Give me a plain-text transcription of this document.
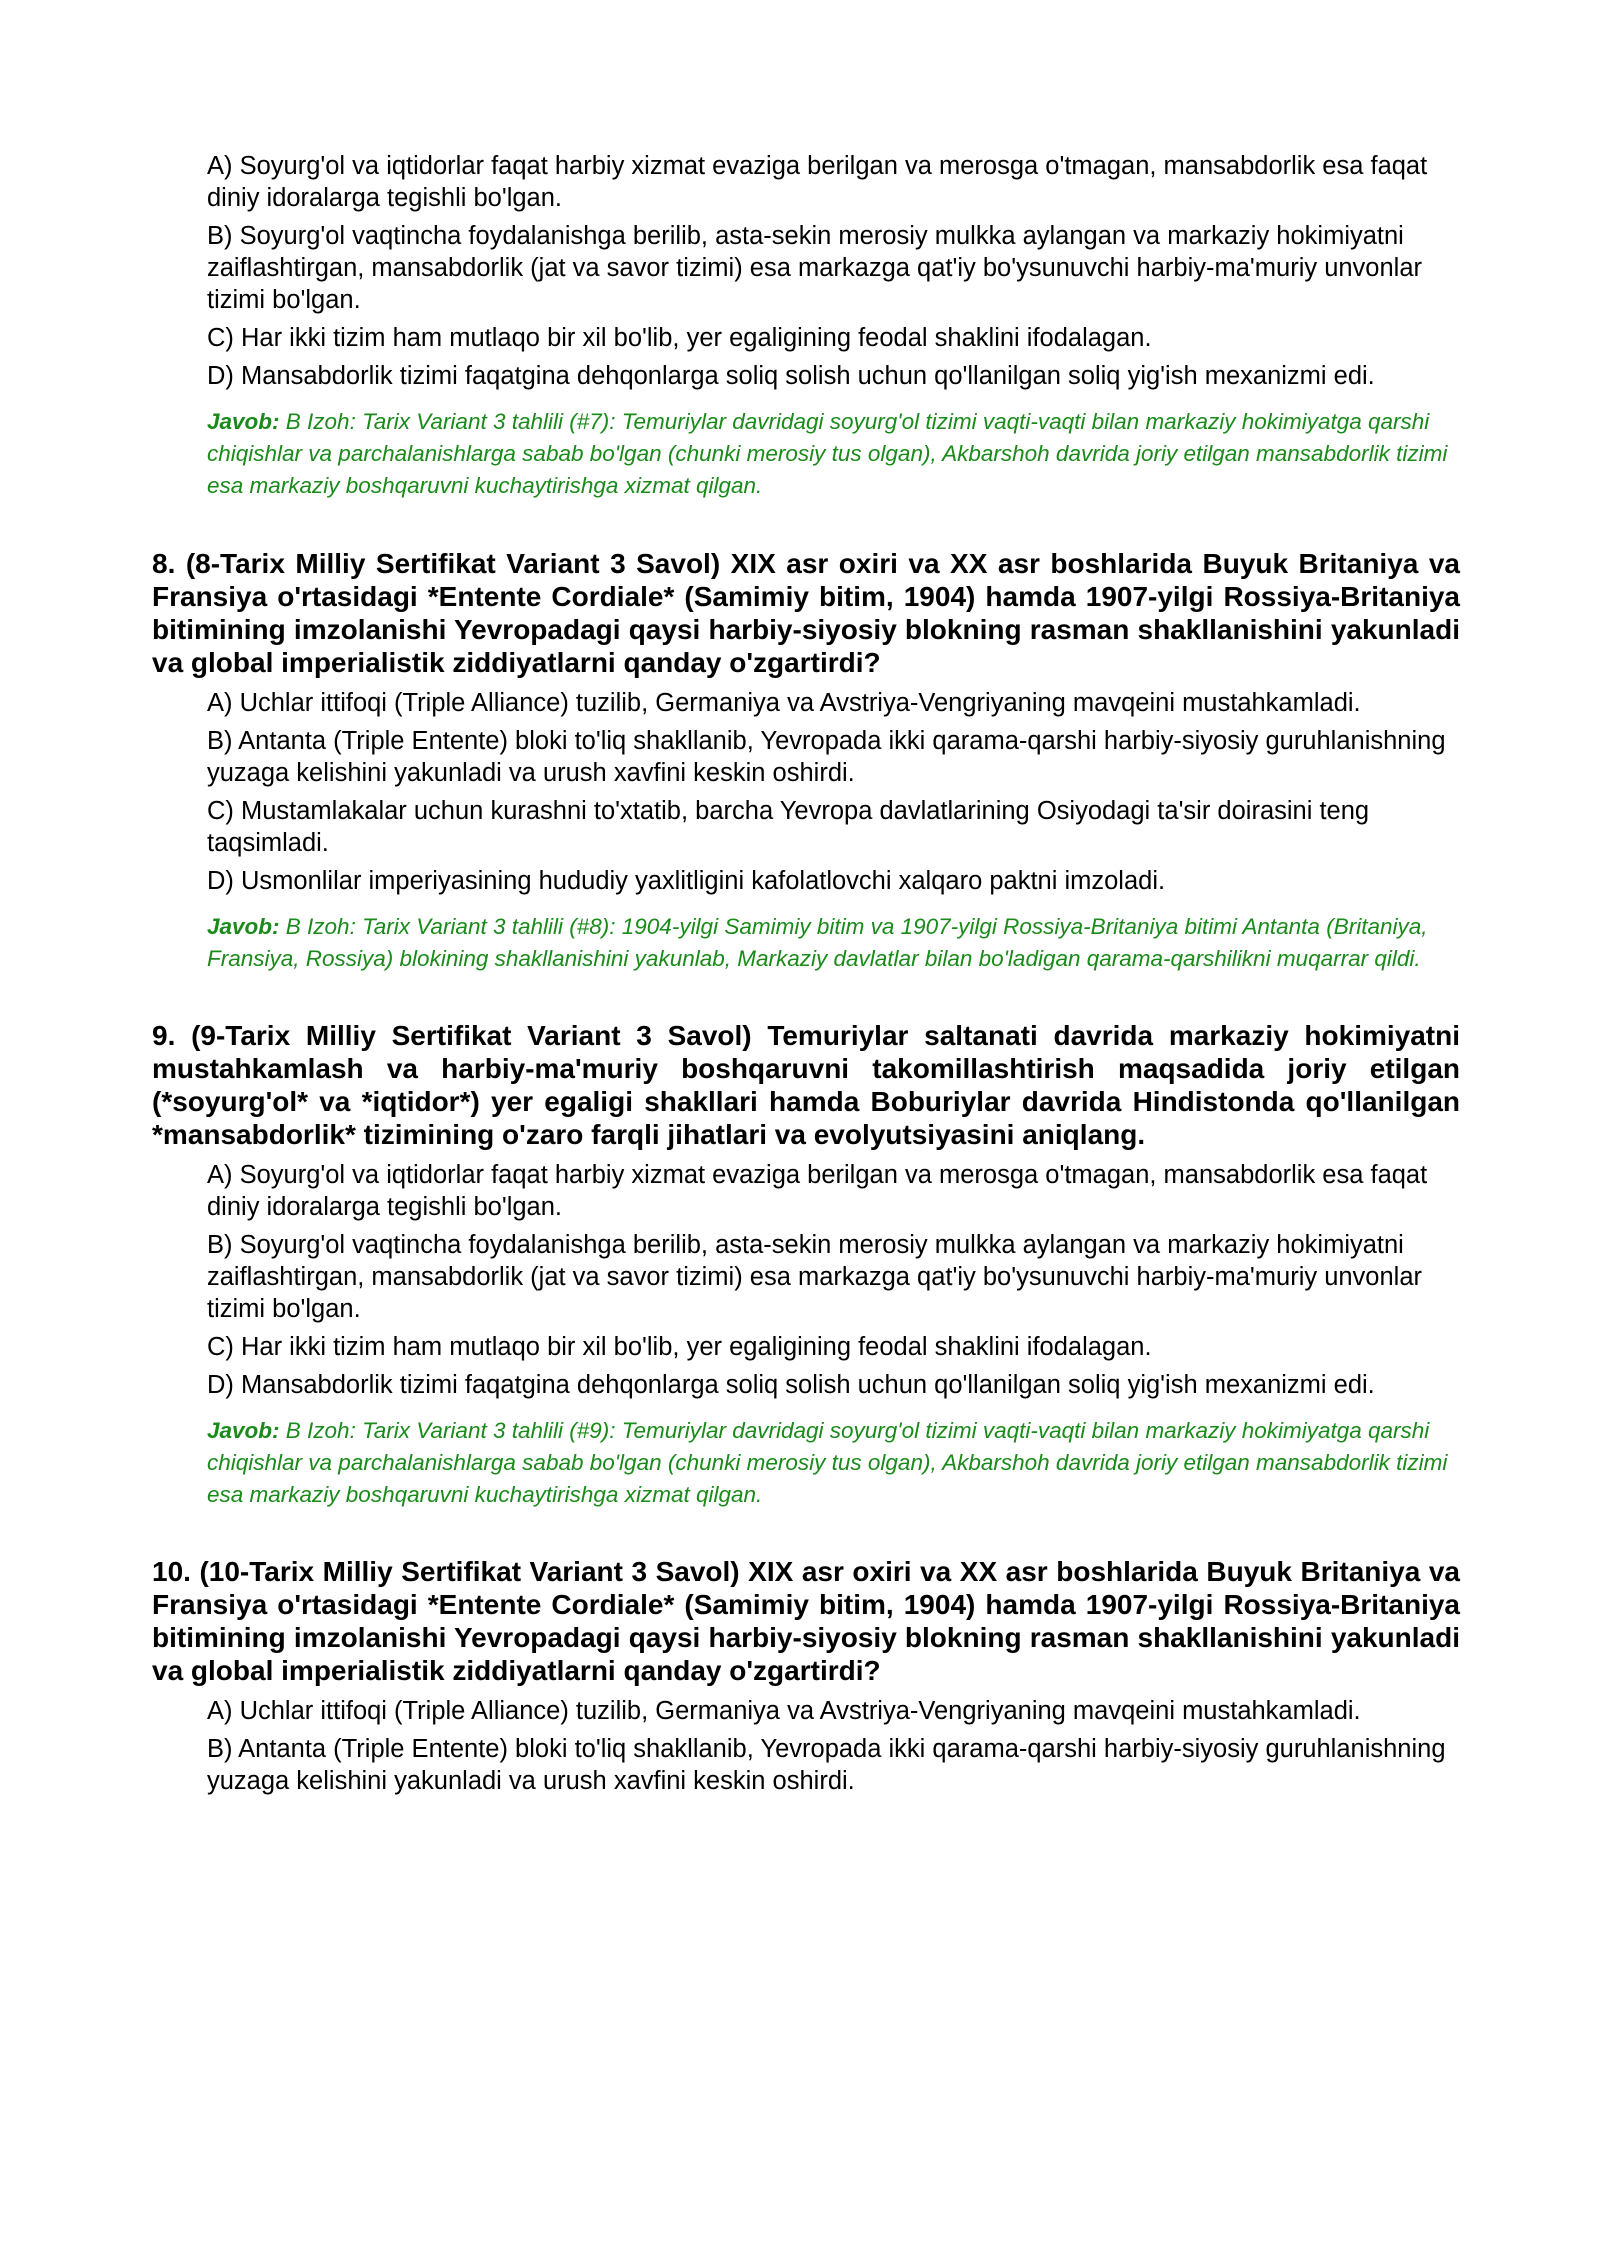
A) Soyurg'ol va iqtidorlar faqat harbiy xizmat evaziga berilgan va merosga o'tmagan, mansabdorlik esa faqat diniy idoralarga tegishli bo'lgan.
B) Soyurg'ol vaqtincha foydalanishga berilib, asta-sekin merosiy mulkka aylangan va markaziy hokimiyatni zaiflashtirgan, mansabdorlik (jat va savor tizimi) esa markazga qat'iy bo'ysunuvchi harbiy-ma'muriy unvonlar tizimi bo'lgan.
C) Har ikki tizim ham mutlaqo bir xil bo'lib, yer egaligining feodal shaklini ifodalagan.
D) Mansabdorlik tizimi faqatgina dehqonlarga soliq solish uchun qo'llanilgan soliq yig'ish mexanizmi edi.
Javob: B Izoh: Tarix Variant 3 tahlili (#7): Temuriylar davridagi soyurg'ol tizimi vaqti-vaqti bilan markaziy hokimiyatga qarshi chiqishlar va parchalanishlarga sabab bo'lgan (chunki merosiy tus olgan), Akbarshoh davrida joriy etilgan mansabdorlik tizimi esa markaziy boshqaruvni kuchaytirishga xizmat qilgan.
8. (8-Tarix Milliy Sertifikat Variant 3 Savol) XIX asr oxiri va XX asr boshlarida Buyuk Britaniya va Fransiya o'rtasidagi *Entente Cordiale* (Samimiy bitim, 1904) hamda 1907-yilgi Rossiya-Britaniya bitimining imzolanishi Yevropadagi qaysi harbiy-siyosiy blokning rasman shakllanishini yakunladi va global imperialistik ziddiyatlarni qanday o'zgartirdi?
A) Uchlar ittifoqi (Triple Alliance) tuzilib, Germaniya va Avstriya-Vengriyaning mavqeini mustahkamladi.
B) Antanta (Triple Entente) bloki to'liq shakllanib, Yevropada ikki qarama-qarshi harbiy-siyosiy guruhlanishning yuzaga kelishini yakunladi va urush xavfini keskin oshirdi.
C) Mustamlakalar uchun kurashni to'xtatib, barcha Yevropa davlatlarining Osiyodagi ta'sir doirasini teng taqsimladi.
D) Usmonlilar imperiyasining hududiy yaxlitligini kafolatlovchi xalqaro paktni imzoladi.
Javob: B Izoh: Tarix Variant 3 tahlili (#8): 1904-yilgi Samimiy bitim va 1907-yilgi Rossiya-Britaniya bitimi Antanta (Britaniya, Fransiya, Rossiya) blokining shakllanishini yakunlab, Markaziy davlatlar bilan bo'ladigan qarama-qarshilikni muqarrar qildi.
9. (9-Tarix Milliy Sertifikat Variant 3 Savol) Temuriylar saltanati davrida markaziy hokimiyatni mustahkamlash va harbiy-ma'muriy boshqaruvni takomillashtirish maqsadida joriy etilgan (*soyurg'ol* va *iqtidor*) yer egaligi shakllari hamda Boburiylar davrida Hindistonda qo'llanilgan *mansabdorlik* tizimining o'zaro farqli jihatlari va evolyutsiyasini aniqlang.
A) Soyurg'ol va iqtidorlar faqat harbiy xizmat evaziga berilgan va merosga o'tmagan, mansabdorlik esa faqat diniy idoralarga tegishli bo'lgan.
B) Soyurg'ol vaqtincha foydalanishga berilib, asta-sekin merosiy mulkka aylangan va markaziy hokimiyatni zaiflashtirgan, mansabdorlik (jat va savor tizimi) esa markazga qat'iy bo'ysunuvchi harbiy-ma'muriy unvonlar tizimi bo'lgan.
C) Har ikki tizim ham mutlaqo bir xil bo'lib, yer egaligining feodal shaklini ifodalagan.
D) Mansabdorlik tizimi faqatgina dehqonlarga soliq solish uchun qo'llanilgan soliq yig'ish mexanizmi edi.
Javob: B Izoh: Tarix Variant 3 tahlili (#9): Temuriylar davridagi soyurg'ol tizimi vaqti-vaqti bilan markaziy hokimiyatga qarshi chiqishlar va parchalanishlarga sabab bo'lgan (chunki merosiy tus olgan), Akbarshoh davrida joriy etilgan mansabdorlik tizimi esa markaziy boshqaruvni kuchaytirishga xizmat qilgan.
10. (10-Tarix Milliy Sertifikat Variant 3 Savol) XIX asr oxiri va XX asr boshlarida Buyuk Britaniya va Fransiya o'rtasidagi *Entente Cordiale* (Samimiy bitim, 1904) hamda 1907-yilgi Rossiya-Britaniya bitimining imzolanishi Yevropadagi qaysi harbiy-siyosiy blokning rasman shakllanishini yakunladi va global imperialistik ziddiyatlarni qanday o'zgartirdi?
A) Uchlar ittifoqi (Triple Alliance) tuzilib, Germaniya va Avstriya-Vengriyaning mavqeini mustahkamladi.
B) Antanta (Triple Entente) bloki to'liq shakllanib, Yevropada ikki qarama-qarshi harbiy-siyosiy guruhlanishning yuzaga kelishini yakunladi va urush xavfini keskin oshirdi.
